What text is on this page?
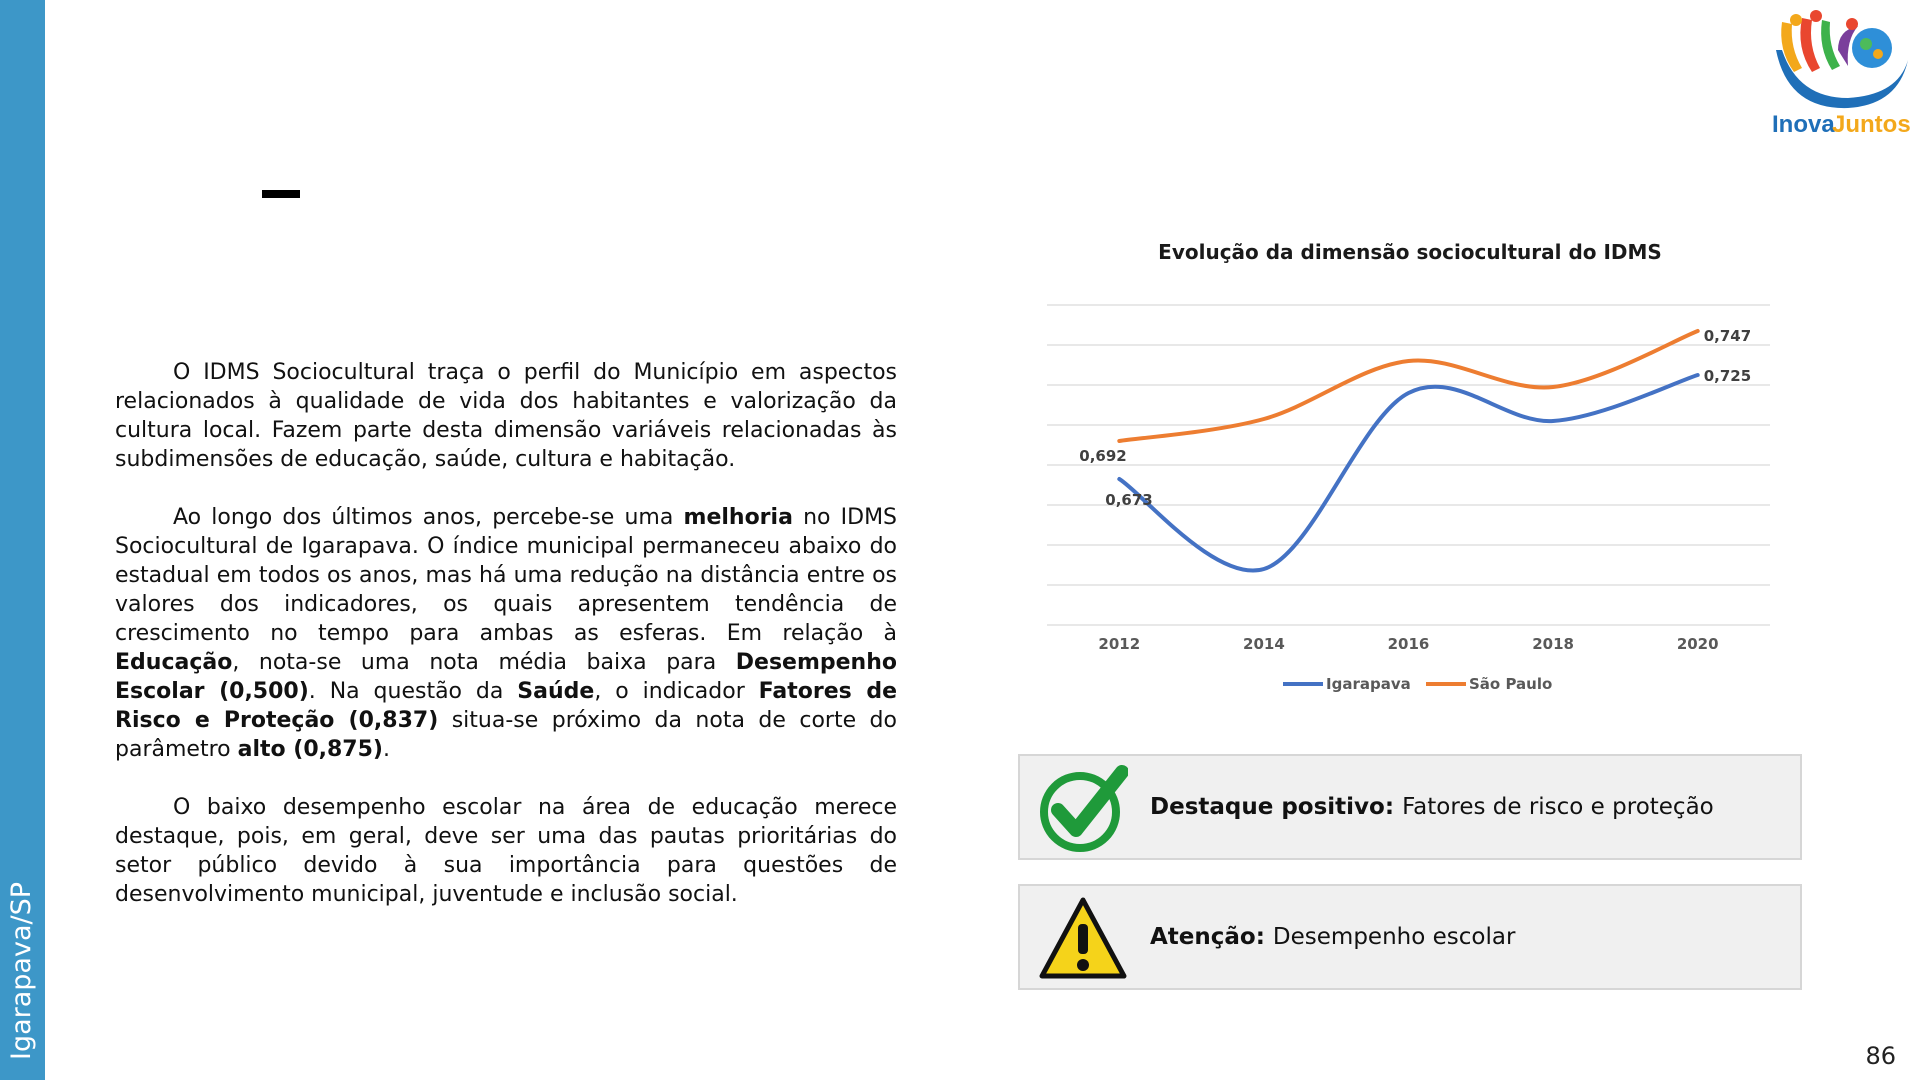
Igarapava/SP
Inova
Juntos

O IDMS Sociocultural traça o perfil do Município em aspectos relacionados à qualidade de vida dos habitantes e valorização da cultura local. Fazem parte desta dimensão variáveis relacionadas às subdimensões de educação, saúde, cultura e habitação.

Ao longo dos últimos anos, percebe-se uma melhoria no IDMS Sociocultural de Igarapava. O índice municipal permaneceu abaixo do estadual em todos os anos, mas há uma redução na distância entre os valores dos indicadores, os quais apresentem tendência de crescimento no tempo para ambas as esferas. Em relação à Educação, nota-se uma nota média baixa para Desempenho Escolar (0,500). Na questão da Saúde, o indicador Fatores de Risco e Proteção (0,837) situa-se próximo da nota de corte do parâmetro alto (0,875).

O baixo desempenho escolar na área de educação merece destaque, pois, em geral, deve ser uma das pautas prioritárias do setor público devido à sua importância para questões de desenvolvimento municipal, juventude e inclusão social.

Evolução da dimensão sociocultural do IDMS
0,673
0,725
0,692
0,747
2012	2014	2016	2018	2020
Igarapava	São Paulo
Destaque positivo: Fatores de risco e proteção
Atenção: Desempenho escolar
86
